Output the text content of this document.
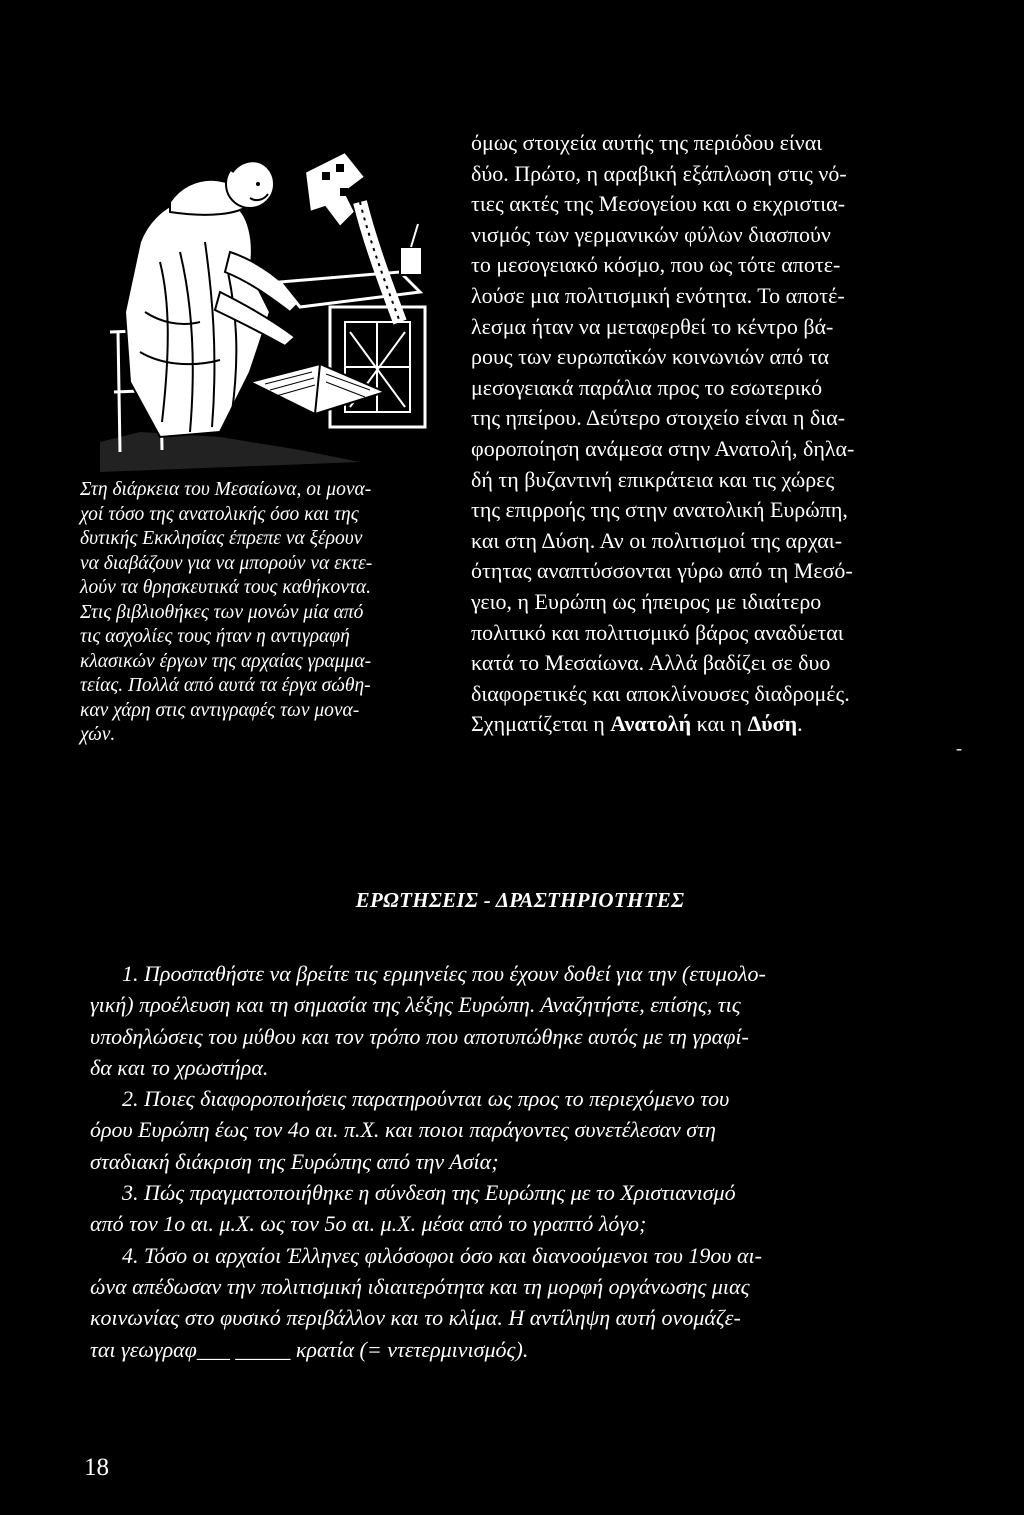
Στη διάρκεια του Μεσαίωνα, οι μονα-
χοί τόσο της ανατολικής όσο και της
δυτικής Εκκλησίας έπρεπε να ξέρουν
να διαβάζουν για να μπορούν να εκτε-
λούν τα θρησκευτικά τους καθήκοντα.
Στις βιβλιοθήκες των μονών μία από
τις ασχολίες τους ήταν η αντιγραφή
κλασικών έργων της αρχαίας γραμμα-
τείας. Πολλά από αυτά τα έργα σώθη-
καν χάρη στις αντιγραφές των μονα-
χών.
όμως στοιχεία αυτής της περιόδου είναι
δύο. Πρώτο, η αραβική εξάπλωση στις νό-
τιες ακτές της Μεσογείου και ο εκχριστια-
νισμός των γερμανικών φύλων διασπούν
το μεσογειακό κόσμο, που ως τότε αποτε-
λούσε μια πολιτισμική ενότητα. Το αποτέ-
λεσμα ήταν να μεταφερθεί το κέντρο βά-
ρους των ευρωπαϊκών κοινωνιών από τα
μεσογειακά παράλια προς το εσωτερικό
της ηπείρου. Δεύτερο στοιχείο είναι η δια-
φοροποίηση ανάμεσα στην Ανατολή, δηλα-
δή τη βυζαντινή επικράτεια και τις χώρες
της επιρροής της στην ανατολική Ευρώπη,
και στη Δύση. Αν οι πολιτισμοί της αρχαι-
ότητας αναπτύσσονται γύρω από τη Μεσό-
γειο, η Ευρώπη ως ήπειρος με ιδιαίτερο
πολιτικό και πολιτισμικό βάρος αναδύεται
κατά το Μεσαίωνα. Αλλά βαδίζει σε δυο
διαφορετικές και αποκλίνουσες διαδρομές.
Σχηματίζεται η Ανατολή και η Δύση.
-
ΕΡΩΤΗΣΕΙΣ - ΔΡΑΣΤΗΡΙΟΤΗΤΕΣ
1. Προσπαθήστε να βρείτε τις ερμηνείες που έχουν δοθεί για την (ετυμολο-
γική) προέλευση και τη σημασία της λέξης Ευρώπη. Αναζητήστε, επίσης, τις
υποδηλώσεις του μύθου και τον τρόπο που αποτυπώθηκε αυτός με τη γραφί-
δα και το χρωστήρα.
2. Ποιες διαφοροποιήσεις παρατηρούνται ως προς το περιεχόμενο του
όρου Ευρώπη έως τον 4ο αι. π.Χ. και ποιοι παράγοντες συνετέλεσαν στη
σταδιακή διάκριση της Ευρώπης από την Ασία;
3. Πώς πραγματοποιήθηκε η σύνδεση της Ευρώπης με το Χριστιανισμό
από τον 1ο αι. μ.Χ. ως τον 5ο αι. μ.Χ. μέσα από το γραπτό λόγο;
4. Τόσο οι αρχαίοι Έλληνες φιλόσοφοι όσο και διανοούμενοι του 19ου αι-
ώνα απέδωσαν την πολιτισμική ιδιαιτερότητα και τη μορφή οργάνωσης μιας
κοινωνίας στο φυσικό περιβάλλον και το κλίμα. Η αντίληψη αυτή ονομάζε-
ται γεωγραφ___ _____ κρατία (= ντετερμινισμός).
18
